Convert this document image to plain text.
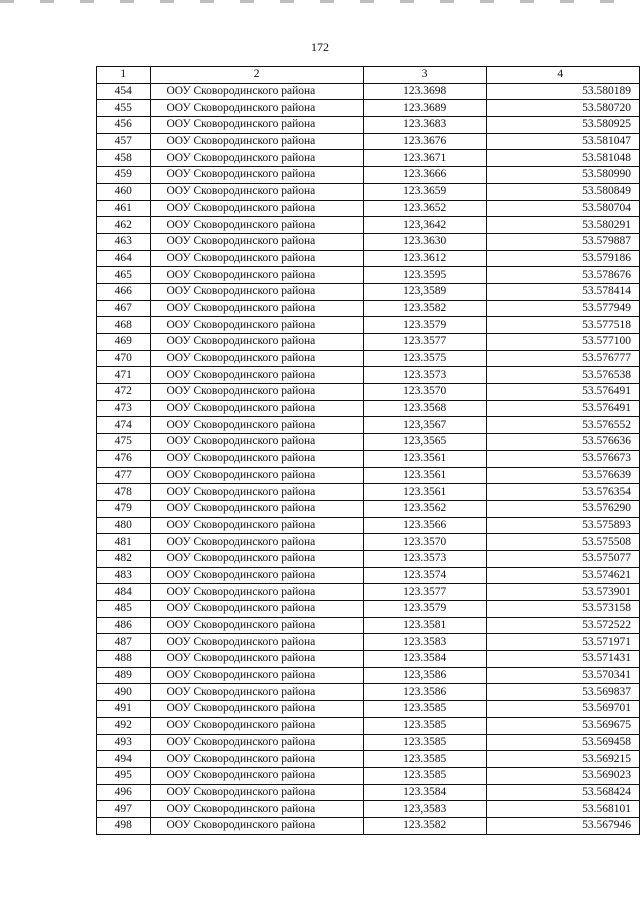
172
1	2	3	4
454	ООУ Сковородинского района	123.3698	53.580189
455	ООУ Сковородинского района	123.3689	53.580720
456	ООУ Сковородинского района	123.3683	53.580925
457	ООУ Сковородинского района	123.3676	53.581047
458	ООУ Сковородинского района	123.3671	53.581048
459	ООУ Сковородинского района	123.3666	53.580990
460	ООУ Сковородинского района	123.3659	53.580849
461	ООУ Сковородинского района	123.3652	53.580704
462	ООУ Сковородинского района	123,3642	53.580291
463	ООУ Сковородинского района	123.3630	53.579887
464	ООУ Сковородинского района	123.3612	53.579186
465	ООУ Сковородинского района	123.3595	53.578676
466	ООУ Сковородинского района	123,3589	53.578414
467	ООУ Сковородинского района	123.3582	53.577949
468	ООУ Сковородинского района	123.3579	53.577518
469	ООУ Сковородинского района	123.3577	53.577100
470	ООУ Сковородинского района	123.3575	53.576777
471	ООУ Сковородинского района	123.3573	53.576538
472	ООУ Сковородинского района	123.3570	53.576491
473	ООУ Сковородинского района	123.3568	53.576491
474	ООУ Сковородинского района	123,3567	53.576552
475	ООУ Сковородинского района	123,3565	53.576636
476	ООУ Сковородинского района	123.3561	53.576673
477	ООУ Сковородинского района	123.3561	53.576639
478	ООУ Сковородинского района	123.3561	53.576354
479	ООУ Сковородинского района	123.3562	53.576290
480	ООУ Сковородинского района	123.3566	53.575893
481	ООУ Сковородинского района	123.3570	53.575508
482	ООУ Сковородинского района	123.3573	53.575077
483	ООУ Сковородинского района	123.3574	53.574621
484	ООУ Сковородинского района	123.3577	53.573901
485	ООУ Сковородинского района	123.3579	53.573158
486	ООУ Сковородинского района	123.3581	53.572522
487	ООУ Сковородинского района	123.3583	53.571971
488	ООУ Сковородинского района	123.3584	53.571431
489	ООУ Сковородинского района	123,3586	53.570341
490	ООУ Сковородинского района	123.3586	53.569837
491	ООУ Сковородинского района	123.3585	53.569701
492	ООУ Сковородинского района	123.3585	53.569675
493	ООУ Сковородинского района	123.3585	53.569458
494	ООУ Сковородинского района	123.3585	53.569215
495	ООУ Сковородинского района	123.3585	53.569023
496	ООУ Сковородинского района	123.3584	53.568424
497	ООУ Сковородинского района	123,3583	53.568101
498	ООУ Сковородинского района	123.3582	53.567946
